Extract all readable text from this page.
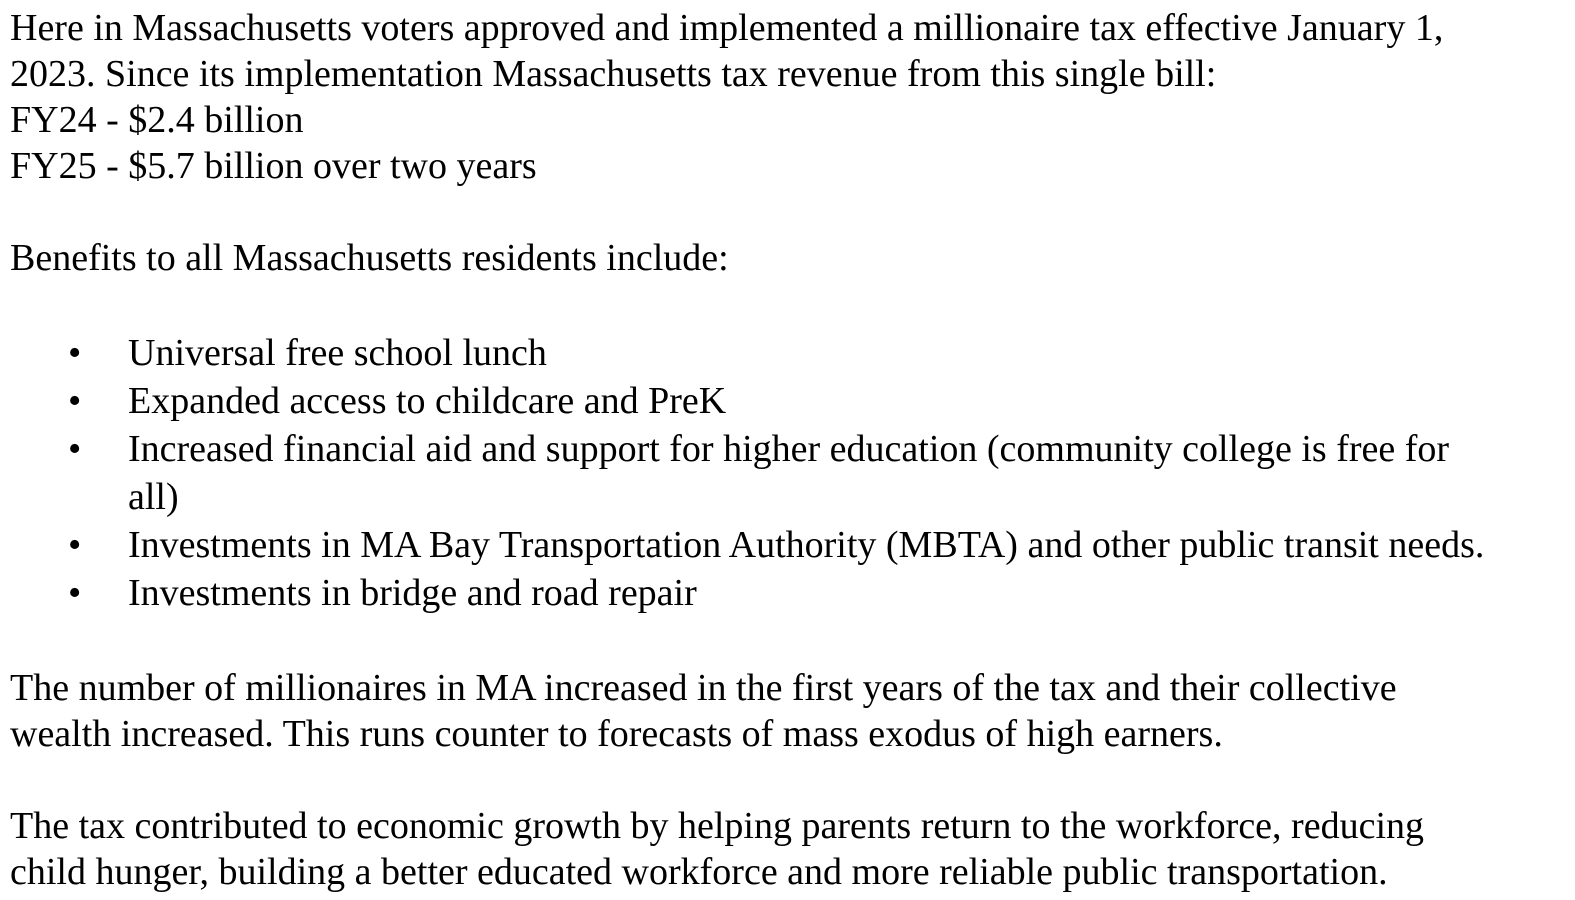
Here in Massachusetts voters approved and implemented a millionaire tax effective January 1,
2023. Since its implementation Massachusetts tax revenue from this single bill:
FY24 - $2.4 billion
FY25 - $5.7 billion over two years
Benefits to all Massachusetts residents include:
• Universal free school lunch
• Expanded access to childcare and PreK
• Increased financial aid and support for higher education (community college is free for
all)
• Investments in MA Bay Transportation Authority (MBTA) and other public transit needs.
• Investments in bridge and road repair
The number of millionaires in MA increased in the first years of the tax and their collective
wealth increased. This runs counter to forecasts of mass exodus of high earners.
The tax contributed to economic growth by helping parents return to the workforce, reducing
child hunger, building a better educated workforce and more reliable public transportation.
